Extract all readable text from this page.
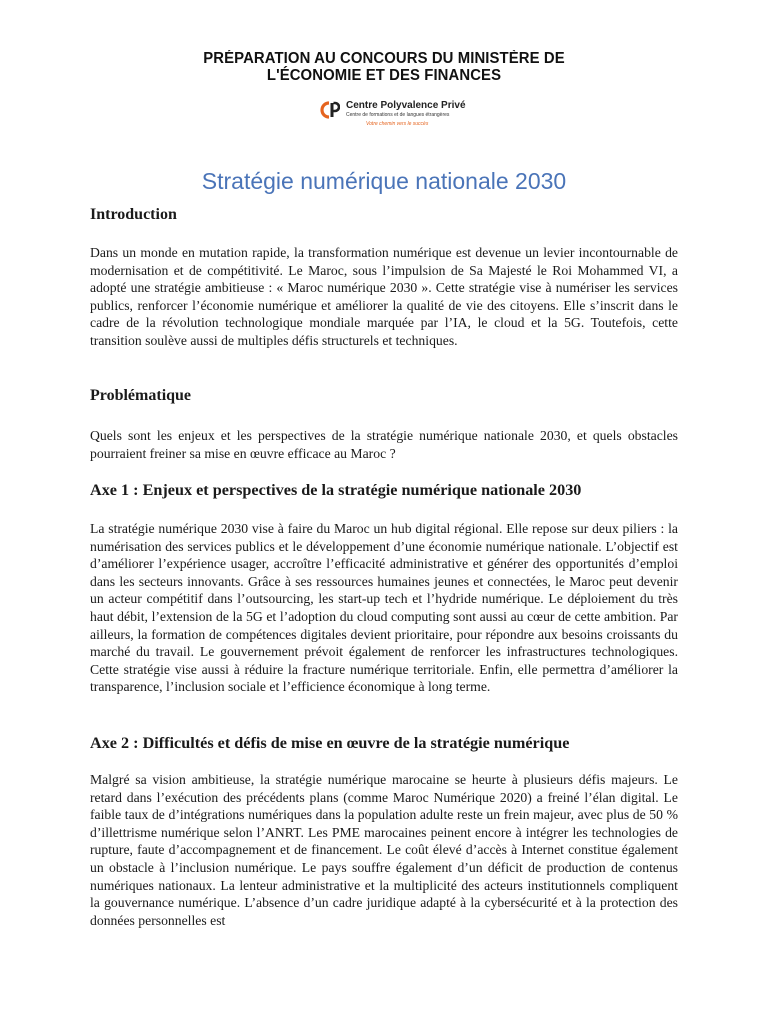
PRÉPARATION AU CONCOURS DU MINISTÈRE DE
L'ÉCONOMIE ET DES FINANCES
Centre Polyvalence Privé
Centre de formations et de langues étrangères
Votre chemin vers le succès
Stratégie numérique nationale 2030
Introduction

Dans un monde en mutation rapide, la transformation numérique est devenue un levier incontournable de modernisation et de compétitivité. Le Maroc, sous l’impulsion de Sa Majesté le Roi Mohammed VI, a adopté une stratégie ambitieuse : « Maroc numérique 2030 ». Cette stratégie vise à numériser les services publics, renforcer l’économie numérique et améliorer la qualité de vie des citoyens. Elle s’inscrit dans le cadre de la révolution technologique mondiale marquée par l’IA, le cloud et la 5G. Toutefois, cette transition soulève aussi de multiples défis structurels et techniques.

Problématique

Quels sont les enjeux et les perspectives de la stratégie numérique nationale 2030, et quels obstacles pourraient freiner sa mise en œuvre efficace au Maroc ?

Axe 1 : Enjeux et perspectives de la stratégie numérique nationale 2030

La stratégie numérique 2030 vise à faire du Maroc un hub digital régional. Elle repose sur deux piliers : la numérisation des services publics et le développement d’une économie numérique nationale. L’objectif est d’améliorer l’expérience usager, accroître l’efficacité administrative et générer des opportunités d’emploi dans les secteurs innovants. Grâce à ses ressources humaines jeunes et connectées, le Maroc peut devenir un acteur compétitif dans l’outsourcing, les start-up tech et l’hydride numérique. Le déploiement du très haut débit, l’extension de la 5G et l’adoption du cloud computing sont aussi au cœur de cette ambition. Par ailleurs, la formation de compétences digitales devient prioritaire, pour répondre aux besoins croissants du marché du travail. Le gouvernement prévoit également de renforcer les infrastructures technologiques. Cette stratégie vise aussi à réduire la fracture numérique territoriale. Enfin, elle permettra d’améliorer la transparence, l’inclusion sociale et l’efficience économique à long terme.

Axe 2 : Difficultés et défis de mise en œuvre de la stratégie numérique

Malgré sa vision ambitieuse, la stratégie numérique marocaine se heurte à plusieurs défis majeurs. Le retard dans l’exécution des précédents plans (comme Maroc Numérique 2020) a freiné l’élan digital. Le faible taux de d’intégrations numériques dans la population adulte reste un frein majeur, avec plus de 50 % d’illettrisme numérique selon l’ANRT. Les PME marocaines peinent encore à intégrer les technologies de rupture, faute d’accompagnement et de financement. Le coût élevé d’accès à Internet constitue également un obstacle à l’inclusion numérique. Le pays souffre également d’un déficit de production de contenus numériques nationaux. La lenteur administrative et la multiplicité des acteurs institutionnels compliquent la gouvernance numérique. L’absence d’un cadre juridique adapté à la cybersécurité et à la protection des données personnelles est
